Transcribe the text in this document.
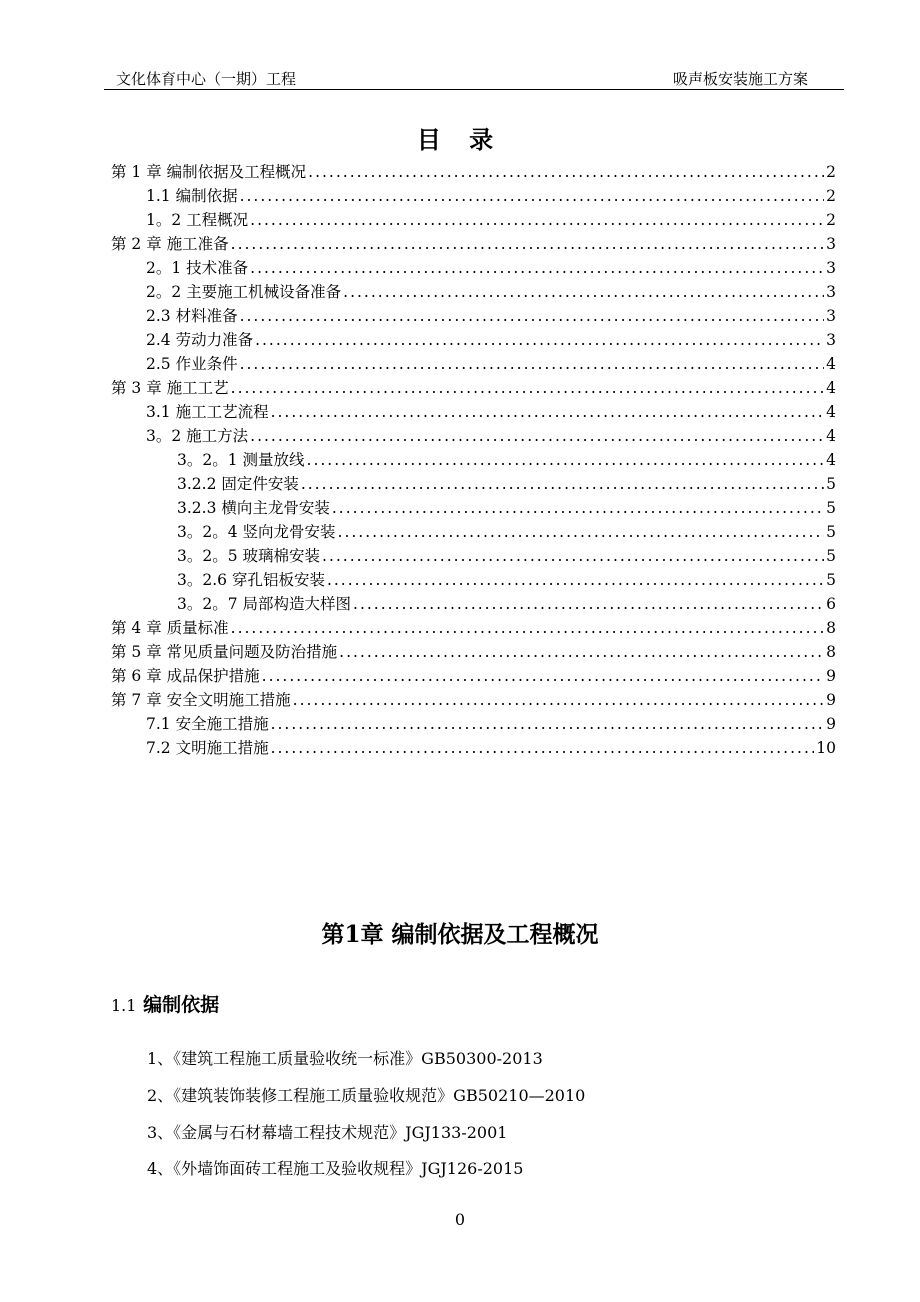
文化体育中心（一期）工程	吸声板安装施工方案
目 录
第 1 章 编制依据及工程概况 .....	2
1.1 编制依据 .....	2
1。2 工程概况 .....	2
第 2 章 施工准备 .....	3
2。1 技术准备 .....	3
2。2 主要施工机械设备准备 .....	3
2.3 材料准备 .....	3
2.4 劳动力准备 .....	3
2.5 作业条件 .....	4
第 3 章 施工工艺 .....	4
3.1 施工工艺流程 .....	4
3。2 施工方法 .....	4
3。2。1 测量放线 .....	4
3.2.2 固定件安装 .....	5
3.2.3 横向主龙骨安装 .....	5
3。2。4 竖向龙骨安装 .....	5
3。2。5 玻璃棉安装 .....	5
3。2.6 穿孔铝板安装 .....	5
3。2。7 局部构造大样图 .....	6
第 4 章 质量标准 .....	8
第 5 章 常见质量问题及防治措施 .....	8
第 6 章 成品保护措施 .....	9
第 7 章 安全文明施工措施 .....	9
7.1 安全施工措施 .....	9
7.2 文明施工措施 .....	10
第1章 编制依据及工程概况
1.1 编制依据
1、《建筑工程施工质量验收统一标准》GB50300-2013
2、《建筑装饰装修工程施工质量验收规范》GB50210—2010
3、《金属与石材幕墙工程技术规范》JGJ133-2001
4、《外墙饰面砖工程施工及验收规程》JGJ126-2015
0
